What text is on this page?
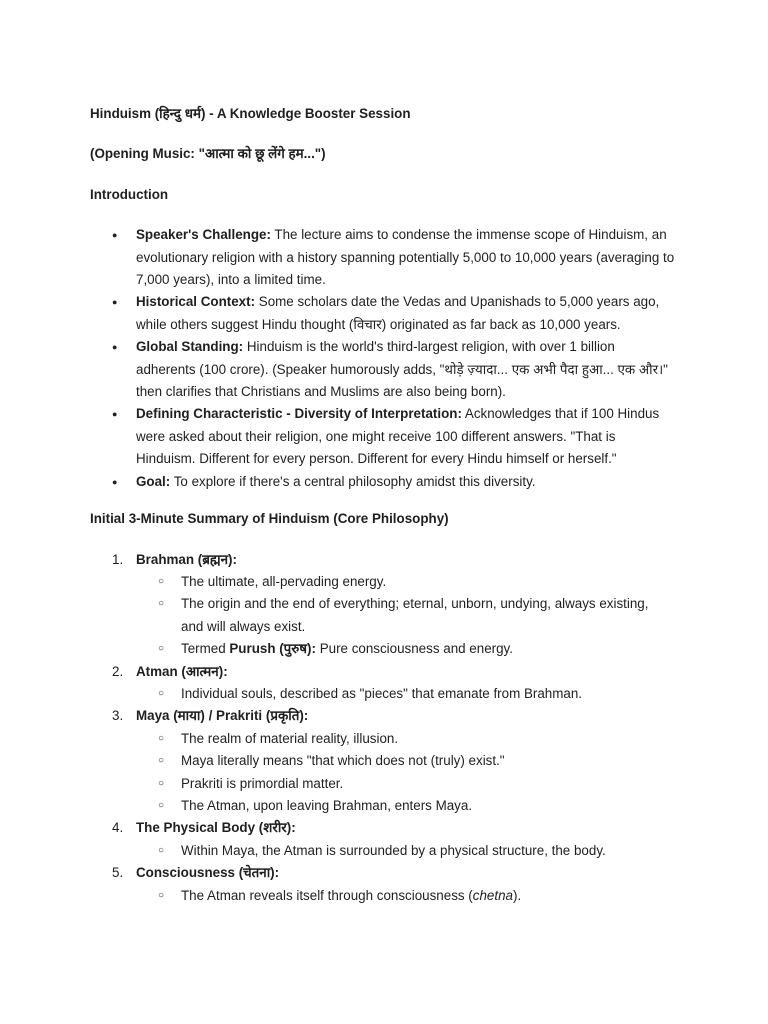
Hinduism (हिन्दु धर्म) - A Knowledge Booster Session

(Opening Music: "आत्मा को छू लेंगे हम...")

Introduction

● Speaker's Challenge: The lecture aims to condense the immense scope of Hinduism, an evolutionary religion with a history spanning potentially 5,000 to 10,000 years (averaging to 7,000 years), into a limited time.
● Historical Context: Some scholars date the Vedas and Upanishads to 5,000 years ago, while others suggest Hindu thought (विचार) originated as far back as 10,000 years.
● Global Standing: Hinduism is the world's third-largest religion, with over 1 billion adherents (100 crore). (Speaker humorously adds, "थोड़े ज़्यादा... एक अभी पैदा हुआ... एक और।" then clarifies that Christians and Muslims are also being born).
● Defining Characteristic - Diversity of Interpretation: Acknowledges that if 100 Hindus were asked about their religion, one might receive 100 different answers. "That is Hinduism. Different for every person. Different for every Hindu himself or herself."
● Goal: To explore if there's a central philosophy amidst this diversity.

Initial 3-Minute Summary of Hinduism (Core Philosophy)

1. Brahman (ब्रह्मन):
○ The ultimate, all-pervading energy.
○ The origin and the end of everything; eternal, unborn, undying, always existing, and will always exist.
○ Termed Purush (पुरुष): Pure consciousness and energy.
2. Atman (आत्मन):
○ Individual souls, described as "pieces" that emanate from Brahman.
3. Maya (माया) / Prakriti (प्रकृति):
○ The realm of material reality, illusion.
○ Maya literally means "that which does not (truly) exist."
○ Prakriti is primordial matter.
○ The Atman, upon leaving Brahman, enters Maya.
4. The Physical Body (शरीर):
○ Within Maya, the Atman is surrounded by a physical structure, the body.
5. Consciousness (चेतना):
○ The Atman reveals itself through consciousness (chetna).
